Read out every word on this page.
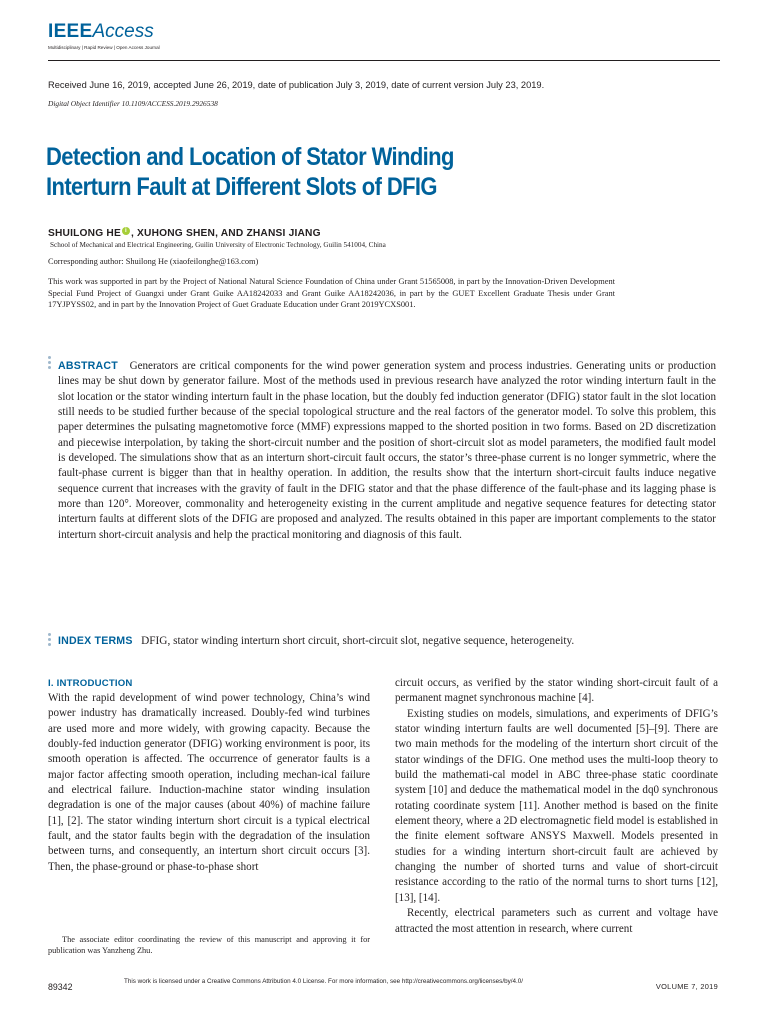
IEEEAccess
Multidisciplinary | Rapid Review | Open Access Journal
Received June 16, 2019, accepted June 26, 2019, date of publication July 3, 2019, date of current version July 23, 2019.
Digital Object Identifier 10.1109/ACCESS.2019.2926538
Detection and Location of Stator Winding Interturn Fault at Different Slots of DFIG
SHUILONG HE i , XUHONG SHEN, AND ZHANSI JIANG
School of Mechanical and Electrical Engineering, Guilin University of Electronic Technology, Guilin 541004, China
Corresponding author: Shuilong He (xiaofeilonghe@163.com)
This work was supported in part by the Project of National Natural Science Foundation of China under Grant 51565008, in part by the Innovation-Driven Development Special Fund Project of Guangxi under Grant Guike AA18242033 and Grant Guike AA18242036, in part by the GUET Excellent Graduate Thesis under Grant 17YJPYSS02, and in part by the Innovation Project of Guet Graduate Education under Grant 2019YCXS001.
ABSTRACT Generators are critical components for the wind power generation system and process industries. Generating units or production lines may be shut down by generator failure. Most of the methods used in previous research have analyzed the rotor winding interturn fault in the slot location or the stator winding interturn fault in the phase location, but the doubly fed induction generator (DFIG) stator fault in the slot location still needs to be studied further because of the special topological structure and the real factors of the generator model. To solve this problem, this paper determines the pulsating magnetomotive force (MMF) expressions mapped to the shorted position in two forms. Based on 2D discretization and piecewise interpolation, by taking the short-circuit number and the position of short-circuit slot as model parameters, the modified fault model is developed. The simulations show that as an interturn short-circuit fault occurs, the stator’s three-phase current is no longer symmetric, where the fault-phase current is bigger than that in healthy operation. In addition, the results show that the interturn short-circuit faults induce negative sequence current that increases with the gravity of fault in the DFIG stator and that the phase difference of the fault-phase and its lagging phase is more than 120°. Moreover, commonality and heterogeneity existing in the current amplitude and negative sequence features for detecting stator interturn faults at different slots of the DFIG are proposed and analyzed. The results obtained in this paper are important complements to the stator interturn short-circuit analysis and help the practical monitoring and diagnosis of this fault.
INDEX TERMS DFIG, stator winding interturn short circuit, short-circuit slot, negative sequence, heterogeneity.
I. INTRODUCTION

With the rapid development of wind power technology, China’s wind power industry has dramatically increased. Doubly-fed wind turbines are used more and more widely, with growing capacity. Because the doubly-fed induction generator (DFIG) working environment is poor, its smooth operation is affected. The occurrence of generator faults is a major factor affecting smooth operation, including mechan-ical failure and electrical failure. Induction-machine stator winding insulation degradation is one of the major causes (about 40%) of machine failure [1], [2]. The stator winding interturn short circuit is a typical electrical fault, and the stator faults begin with the degradation of the insulation between turns, and consequently, an interturn short circuit occurs [3]. Then, the phase-ground or phase-to-phase short

circuit occurs, as verified by the stator winding short-circuit fault of a permanent magnet synchronous machine [4].

Existing studies on models, simulations, and experiments of DFIG’s stator winding interturn faults are well documented [5]–[9]. There are two main methods for the modeling of the interturn short circuit of the stator windings of the DFIG. One method uses the multi-loop theory to build the mathemati-cal model in ABC three-phase static coordinate system [10] and deduce the mathematical model in the dq0 synchronous rotating coordinate system [11]. Another method is based on the finite element theory, where a 2D electromagnetic field model is established in the finite element software ANSYS Maxwell. Models presented in studies for a winding interturn short-circuit fault are achieved by changing the number of shorted turns and value of short-circuit resistance according to the ratio of the normal turns to short turns [12], [13], [14].

Recently, electrical parameters such as current and voltage have attracted the most attention in research, where current

The associate editor coordinating the review of this manuscript and approving it for publication was Yanzheng Zhu.
89342
This work is licensed under a Creative Commons Attribution 4.0 License. For more information, see http://creativecommons.org/licenses/by/4.0/
VOLUME 7, 2019
